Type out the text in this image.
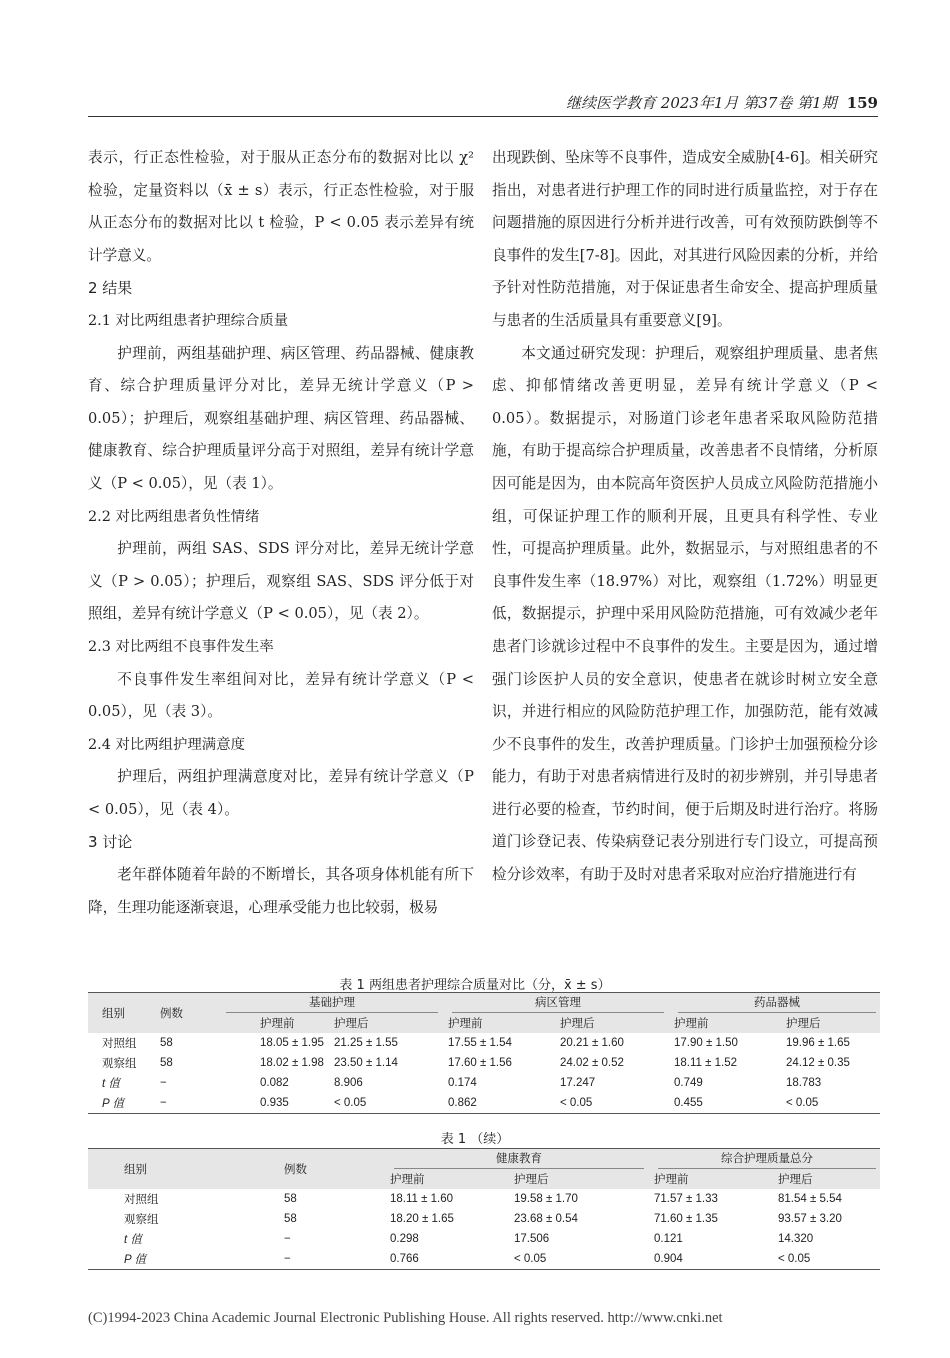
继续医学教育 2023年1月 第37卷 第1期 159

表示，行正态性检验，对于服从正态分布的数据对比以 χ² 检验，定量资料以（x̄ ± s）表示，行正态性检验，对于服从正态分布的数据对比以 t 检验，P < 0.05 表示差异有统计学意义。

2 结果

2.1 对比两组患者护理综合质量

护理前，两组基础护理、病区管理、药品器械、健康教育、综合护理质量评分对比，差异无统计学意义（P > 0.05）；护理后，观察组基础护理、病区管理、药品器械、健康教育、综合护理质量评分高于对照组，差异有统计学意义（P < 0.05），见（表 1）。

2.2 对比两组患者负性情绪

护理前，两组 SAS、SDS 评分对比，差异无统计学意义（P > 0.05）；护理后，观察组 SAS、SDS 评分低于对照组，差异有统计学意义（P < 0.05），见（表 2）。

2.3 对比两组不良事件发生率

不良事件发生率组间对比，差异有统计学意义（P < 0.05），见（表 3）。

2.4 对比两组护理满意度

护理后，两组护理满意度对比，差异有统计学意义（P < 0.05），见（表 4）。

3 讨论

老年群体随着年龄的不断增长，其各项身体机能有所下降，生理功能逐渐衰退，心理承受能力也比较弱，极易

出现跌倒、坠床等不良事件，造成安全威胁[4-6]。相关研究指出，对患者进行护理工作的同时进行质量监控，对于存在问题措施的原因进行分析并进行改善，可有效预防跌倒等不良事件的发生[7-8]。因此，对其进行风险因素的分析，并给予针对性防范措施，对于保证患者生命安全、提高护理质量与患者的生活质量具有重要意义[9]。

本文通过研究发现：护理后，观察组护理质量、患者焦虑、抑郁情绪改善更明显，差异有统计学意义（P < 0.05）。数据提示，对肠道门诊老年患者采取风险防范措施，有助于提高综合护理质量，改善患者不良情绪，分析原因可能是因为，由本院高年资医护人员成立风险防范措施小组，可保证护理工作的顺利开展，且更具有科学性、专业性，可提高护理质量。此外，数据显示，与对照组患者的不良事件发生率（18.97%）对比，观察组（1.72%）明显更低，数据提示，护理中采用风险防范措施，可有效减少老年患者门诊就诊过程中不良事件的发生。主要是因为，通过增强门诊医护人员的安全意识，使患者在就诊时树立安全意识，并进行相应的风险防范护理工作，加强防范，能有效减少不良事件的发生，改善护理质量。门诊护士加强预检分诊能力，有助于对患者病情进行及时的初步辨别，并引导患者进行必要的检查，节约时间，便于后期及时进行治疗。将肠道门诊登记表、传染病登记表分别进行专门设立，可提高预检分诊效率，有助于及时对患者采取对应治疗措施进行有

表 1 两组患者护理综合质量对比（分，x̄ ± s）
组别	例数	基础护理		病区管理		药品器械	

		护理前	护理后	护理前	护理后	护理前	护理后
对照组	58	18.05 ± 1.95	21.25 ± 1.55	17.55 ± 1.54	20.21 ± 1.60	17.90 ± 1.50	19.96 ± 1.65
观察组	58	18.02 ± 1.98	23.50 ± 1.14	17.60 ± 1.56	24.02 ± 0.52	18.11 ± 1.52	24.12 ± 0.35
t 值	−	0.082	8.906	0.174	17.247	0.749	18.783
P 值	−	0.935	< 0.05	0.862	< 0.05	0.455	< 0.05
表 1 （续）
组别	例数	健康教育		综合护理质量总分	

		护理前	护理后	护理前	护理后
对照组	58	18.11 ± 1.60	19.58 ± 1.70	71.57 ± 1.33	81.54 ± 5.54
观察组	58	18.20 ± 1.65	23.68 ± 0.54	71.60 ± 1.35	93.57 ± 3.20
t 值	−	0.298	17.506	0.121	14.320
P 值	−	0.766	< 0.05	0.904	< 0.05
(C)1994-2023 China Academic Journal Electronic Publishing House. All rights reserved. http://www.cnki.net
